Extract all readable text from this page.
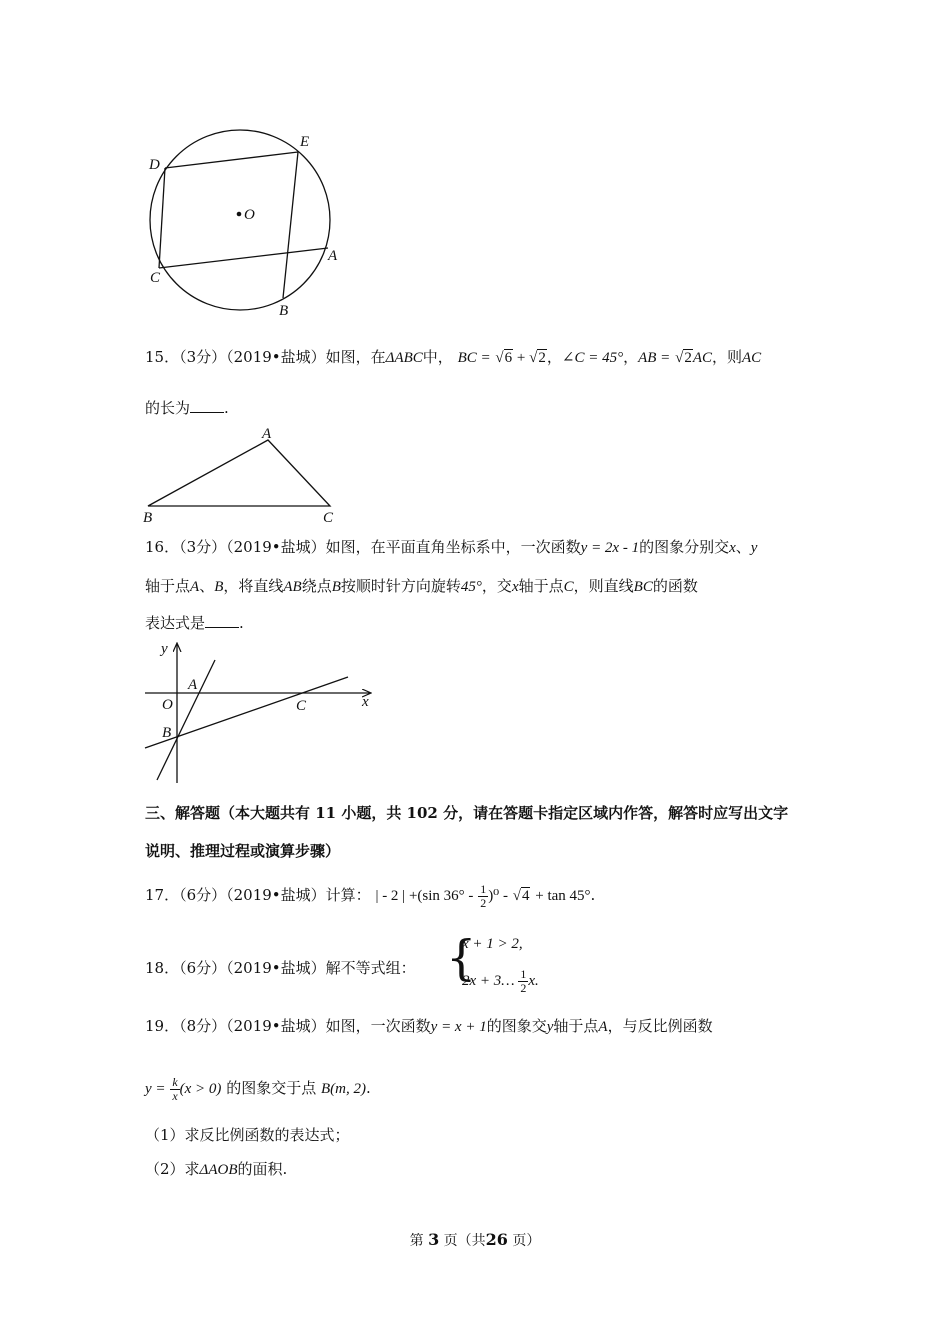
D
E
O
C
A
B
15．（3分）（2019•盐城）如图，在ΔABC中， BC = √6 + √2，∠C = 45°，AB = √2AC，则AC
的长为 .
A
B	C
16．（3分）（2019•盐城）如图，在平面直角坐标系中，一次函数y = 2x - 1的图象分别交x、y
轴于点A、B，将直线AB绕点B按顺时针方向旋转45°，交x轴于点C，则直线BC的函数
表达式是 .
y
A
O	C	x
B
三、解答题（本大题共有 11 小题，共 102 分，请在答题卡指定区域内作答，解答时应写出文字
说明、推理过程或演算步骤）
17．（6分）（2019•盐城）计算： | - 2 | +(sin $36^\circ - \frac{1}{2} )^0 - √4 + \tan 45^\circ$.
18．（6分）（2019•盐城）解不等式组： {
x + 1 > 2,
2x + 3… $\frac{1}{2} x$.
19．（8分）（2019•盐城）如图，一次函数y = x + 1的图象交y轴于点A，与反比例函数
$y = \frac{k}{x} (x > 0)$ 的图象交于点 B(m, 2).
（1）求反比例函数的表达式；
（2）求ΔAOB的面积.
第 3 页（共26 页）
